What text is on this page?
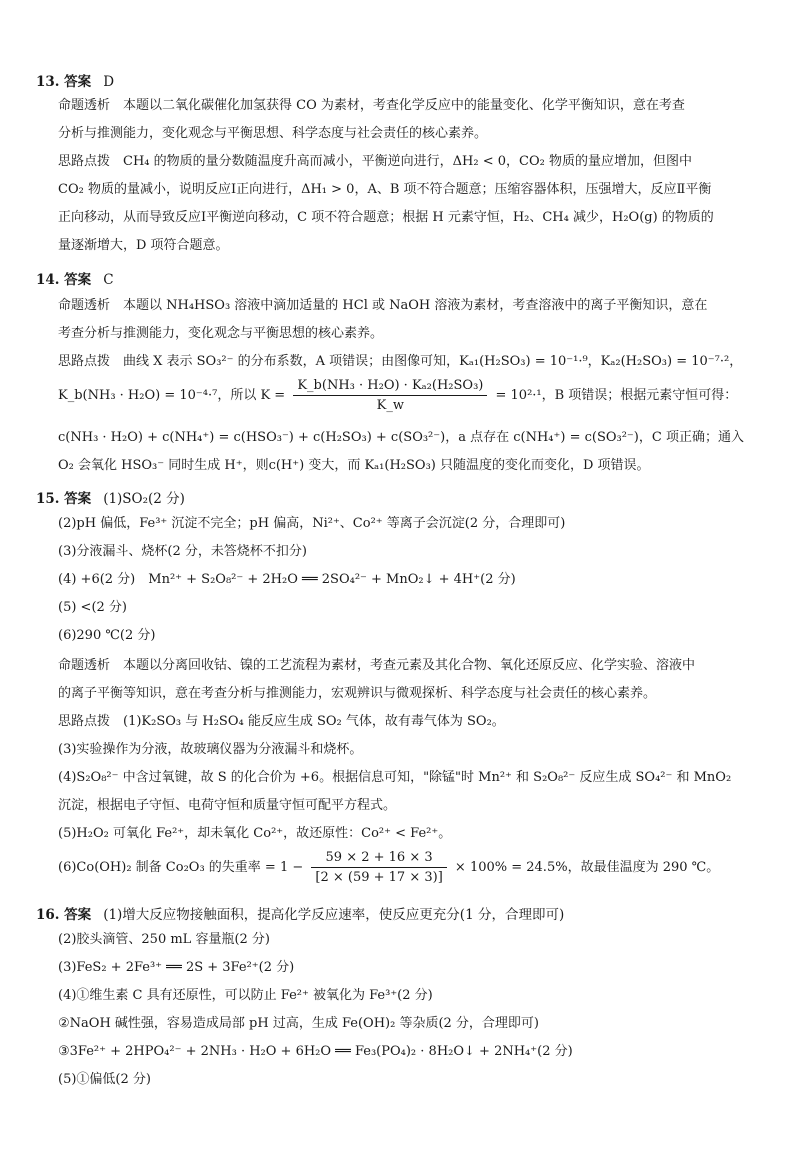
13. 答案 D
命题透析　本题以二氧化碳催化加氢获得 CO 为素材，考查化学反应中的能量变化、化学平衡知识，意在考查
分析与推测能力，变化观念与平衡思想、科学态度与社会责任的核心素养。
思路点拨　CH₄ 的物质的量分数随温度升高而减小，平衡逆向进行，ΔH₂ < 0，CO₂ 物质的量应增加，但图中
CO₂ 物质的量减小，说明反应Ⅰ正向进行，ΔH₁ > 0，A、B 项不符合题意；压缩容器体积，压强增大，反应Ⅱ平衡
正向移动，从而导致反应Ⅰ平衡逆向移动，C 项不符合题意；根据 H 元素守恒，H₂、CH₄ 减少，H₂O(g) 的物质的
量逐渐增大，D 项符合题意。
14. 答案 C
命题透析　本题以 NH₄HSO₃ 溶液中滴加适量的 HCl 或 NaOH 溶液为素材，考查溶液中的离子平衡知识，意在
考查分析与推测能力，变化观念与平衡思想的核心素养。
思路点拨　曲线 X 表示 SO₃²⁻ 的分布系数，A 项错误；由图像可知，Kₐ₁(H₂SO₃) = 10⁻¹·⁹，Kₐ₂(H₂SO₃) = 10⁻⁷·²，
K_b(NH₃ · H₂O) = 10⁻⁴·⁷，所以 $K = \frac{\text{K\_b(NH₃ · H₂O) · Kₐ₂(H₂SO₃)}}{K\_w} = 10^2\cdot^1$，B 项错误；根据元素守恒可得：
c(NH₃ · H₂O) + c(NH₄⁺) = c(HSO₃⁻) + c(H₂SO₃) + c(SO₃²⁻)，a 点存在 c(NH₄⁺) = c(SO₃²⁻)，C 项正确；通入
O₂ 会氧化 HSO₃⁻ 同时生成 H⁺，则c(H⁺) 变大，而 Kₐ₁(H₂SO₃) 只随温度的变化而变化，D 项错误。
15. 答案 (1)SO₂(2 分)
(2)pH 偏低，Fe³⁺ 沉淀不完全；pH 偏高，Ni²⁺、Co²⁺ 等离子会沉淀(2 分，合理即可)
(3)分液漏斗、烧杯(2 分，未答烧杯不扣分)
(4) +6(2 分)　Mn²⁺ + S₂O₈²⁻ + 2H₂O ══ 2SO₄²⁻ + MnO₂↓ + 4H⁺(2 分)
(5) <(2 分)
(6)290 ℃(2 分)
命题透析　本题以分离回收钴、镍的工艺流程为素材，考查元素及其化合物、氧化还原反应、化学实验、溶液中
的离子平衡等知识，意在考查分析与推测能力，宏观辨识与微观探析、科学态度与社会责任的核心素养。
思路点拨　(1)K₂SO₃ 与 H₂SO₄ 能反应生成 SO₂ 气体，故有毒气体为 SO₂。
(3)实验操作为分液，故玻璃仪器为分液漏斗和烧杯。
(4)S₂O₈²⁻ 中含过氧键，故 S 的化合价为 +6。根据信息可知，"除锰"时 Mn²⁺ 和 S₂O₈²⁻ 反应生成 SO₄²⁻ 和 MnO₂
沉淀，根据电子守恒、电荷守恒和质量守恒可配平方程式。
(5)H₂O₂ 可氧化 Fe²⁺，却未氧化 Co²⁺，故还原性：Co²⁺ < Fe²⁺。
(6)Co(OH)₂ 制备 Co₂O₃ 的失重率 = $1 - \frac{59 \times 2 + 16 \times 3}{[2 \times (59 + 17 \times 3)]} \times 100\% = 24.5\%$，故最佳温度为 290 ℃。
16. 答案 (1)增大反应物接触面积，提高化学反应速率，使反应更充分(1 分，合理即可)
(2)胶头滴管、250 mL 容量瓶(2 分)
(3)FeS₂ + 2Fe³⁺ ══ 2S + 3Fe²⁺(2 分)
(4)①维生素 C 具有还原性，可以防止 Fe²⁺ 被氧化为 Fe³⁺(2 分)
②NaOH 碱性强，容易造成局部 pH 过高，生成 Fe(OH)₂ 等杂质(2 分，合理即可)
③3Fe²⁺ + 2HPO₄²⁻ + 2NH₃ · H₂O + 6H₂O ══ Fe₃(PO₄)₂ · 8H₂O↓ + 2NH₄⁺(2 分)
(5)①偏低(2 分)
